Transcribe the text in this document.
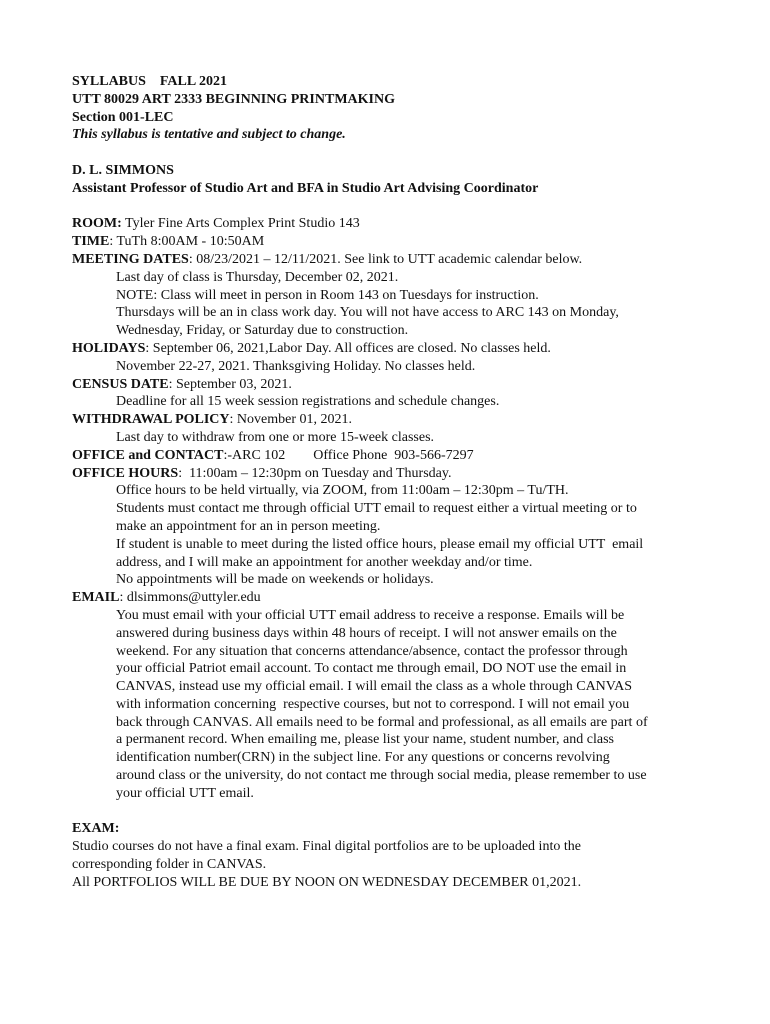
SYLLABUS    FALL 2021
UTT 80029 ART 2333 BEGINNING PRINTMAKING
Section 001-LEC
This syllabus is tentative and subject to change.
D. L. SIMMONS
Assistant Professor of Studio Art and BFA in Studio Art Advising Coordinator
ROOM: Tyler Fine Arts Complex Print Studio 143
TIME: TuTh 8:00AM - 10:50AM
MEETING DATES: 08/23/2021 – 12/11/2021. See link to UTT academic calendar below.

Last day of class is Thursday, December 02, 2021.

NOTE: Class will meet in person in Room 143 on Tuesdays for instruction.

Thursdays will be an in class work day. You will not have access to ARC 143 on Monday,

Wednesday, Friday, or Saturday due to construction.

HOLIDAYS: September 06, 2021,Labor Day. All offices are closed. No classes held.

November 22-27, 2021. Thanksgiving Holiday. No classes held.

CENSUS DATE: September 03, 2021.

Deadline for all 15 week session registrations and schedule changes.

WITHDRAWAL POLICY: November 01, 2021.

Last day to withdraw from one or more 15-week classes.

OFFICE and CONTACT:-ARC 102 Office Phone  903-566-7297
OFFICE HOURS:  11:00am – 12:30pm on Tuesday and Thursday.

Office hours to be held virtually, via ZOOM, from 11:00am – 12:30pm – Tu/TH.

Students must contact me through official UTT email to request either a virtual meeting or to

make an appointment for an in person meeting.

If student is unable to meet during the listed office hours, please email my official UTT  email

address, and I will make an appointment for another weekday and/or time.

No appointments will be made on weekends or holidays.

EMAIL: dlsimmons@uttyler.edu

You must email with your official UTT email address to receive a response. Emails will be

answered during business days within 48 hours of receipt. I will not answer emails on the

weekend. For any situation that concerns attendance/absence, contact the professor through

your official Patriot email account. To contact me through email, DO NOT use the email in

CANVAS, instead use my official email. I will email the class as a whole through CANVAS

with information concerning  respective courses, but not to correspond. I will not email you

back through CANVAS. All emails need to be formal and professional, as all emails are part of

a permanent record. When emailing me, please list your name, student number, and class

identification number(CRN) in the subject line. For any questions or concerns revolving

around class or the university, do not contact me through social media, please remember to use

your official UTT email.

EXAM:
Studio courses do not have a final exam. Final digital portfolios are to be uploaded into the
corresponding folder in CANVAS.
All PORTFOLIOS WILL BE DUE BY NOON ON WEDNESDAY DECEMBER 01,2021.
